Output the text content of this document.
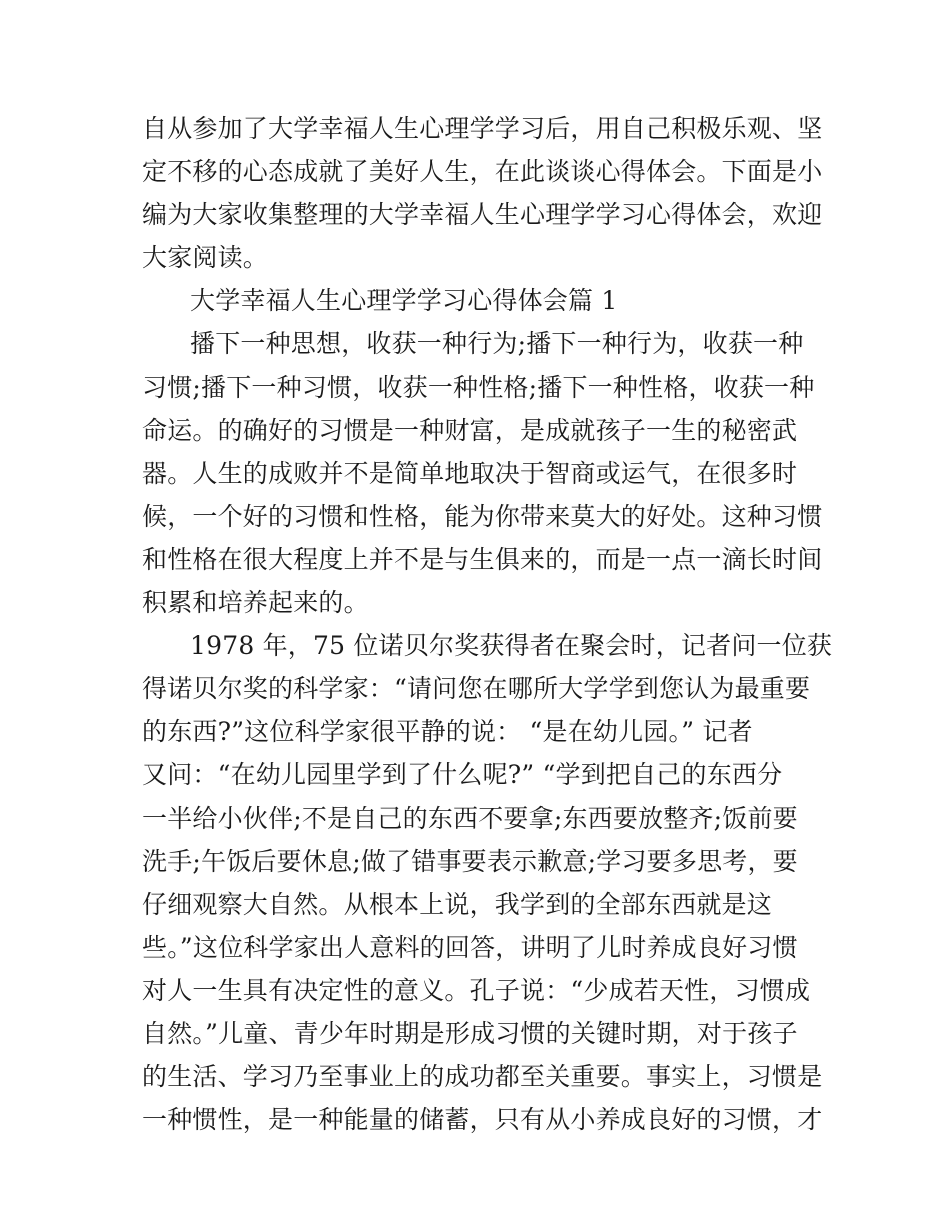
自从参加了大学幸福人生心理学学习后，用自己积极乐观、坚
定不移的心态成就了美好人生，在此谈谈心得体会。下面是小
编为大家收集整理的大学幸福人生心理学学习心得体会，欢迎
大家阅读。
大学幸福人生心理学学习心得体会篇 1
播下一种思想，收获一种行为;播下一种行为，收获一种
习惯;播下一种习惯，收获一种性格;播下一种性格，收获一种
命运。的确好的习惯是一种财富，是成就孩子一生的秘密武
器。人生的成败并不是简单地取决于智商或运气，在很多时
候，一个好的习惯和性格，能为你带来莫大的好处。这种习惯
和性格在很大程度上并不是与生俱来的，而是一点一滴长时间
积累和培养起来的。
1978 年，75 位诺贝尔奖获得者在聚会时，记者问一位获
得诺贝尔奖的科学家：“请问您在哪所大学学到您认为最重要
的东西?”这位科学家很平静的说： “是在幼儿园。” 记者
又问：“在幼儿园里学到了什么呢?” “学到把自己的东西分
一半给小伙伴;不是自己的东西不要拿;东西要放整齐;饭前要
洗手;午饭后要休息;做了错事要表示歉意;学习要多思考，要
仔细观察大自然。从根本上说，我学到的全部东西就是这
些。”这位科学家出人意料的回答，讲明了儿时养成良好习惯
对人一生具有决定性的意义。孔子说：“少成若天性，习惯成
自然。”儿童、青少年时期是形成习惯的关键时期，对于孩子
的生活、学习乃至事业上的成功都至关重要。事实上，习惯是
一种惯性，是一种能量的储蓄，只有从小养成良好的习惯，才
